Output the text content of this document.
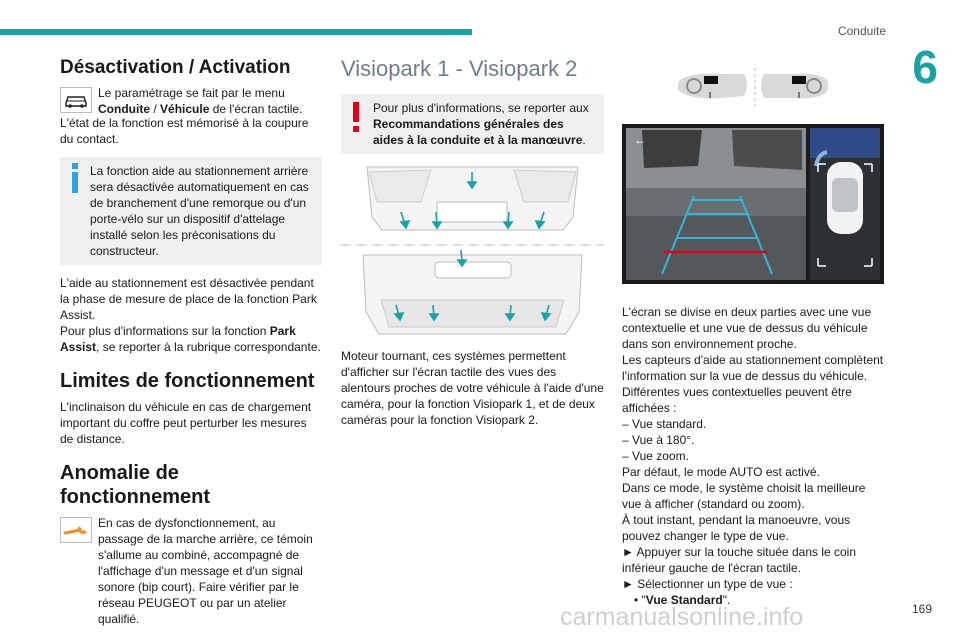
Conduite
6
Désactivation / Activation

Le paramétrage se fait par le menu
Conduite / Véhicule de l'écran tactile.

L'état de la fonction est mémorisé à la coupure du contact.

La fonction aide au stationnement arrière sera désactivée automatiquement en cas de branchement d'une remorque ou d'un porte-vélo sur un dispositif d'attelage installé selon les préconisations du constructeur.

L'aide au stationnement est désactivée pendant la phase de mesure de place de la fonction Park Assist.

Pour plus d'informations sur la fonction Park Assist, se reporter à la rubrique correspondante.

Limites de fonctionnement

L'inclinaison du véhicule en cas de chargement important du coffre peut perturber les mesures de distance.

Anomalie de fonctionnement

En cas de dysfonctionnement, au passage de la marche arrière, ce témoin s'allume au combiné, accompagné de l'affichage d'un message et d'un signal sonore (bip court). Faire vérifier par le réseau PEUGEOT ou par un atelier qualifié.

Visiopark 1 - Visiopark 2

Pour plus d'informations, se reporter aux Recommandations générales des aides à la conduite et à la manœuvre.

Moteur tournant, ces systèmes permettent d'afficher sur l'écran tactile des vues des alentours proches de votre véhicule à l'aide d'une caméra, pour la fonction Visiopark 1, et de deux caméras pour la fonction Visiopark 2.

←

L'écran se divise en deux parties avec une vue contextuelle et une vue de dessus du véhicule dans son environnement proche.

Les capteurs d'aide au stationnement complètent l'information sur la vue de dessus du véhicule.

Différentes vues contextuelles peuvent être affichées :

– Vue standard.

– Vue à 180°.

– Vue zoom.

Par défaut, le mode AUTO est activé.

Dans ce mode, le système choisit la meilleure vue à afficher (standard ou zoom).

À tout instant, pendant la manoeuvre, vous pouvez changer le type de vue.

► Appuyer sur la touche située dans le coin inférieur gauche de l'écran tactile.

► Sélectionner un type de vue :

• "Vue Standard".

carmanualsonline.info	169
